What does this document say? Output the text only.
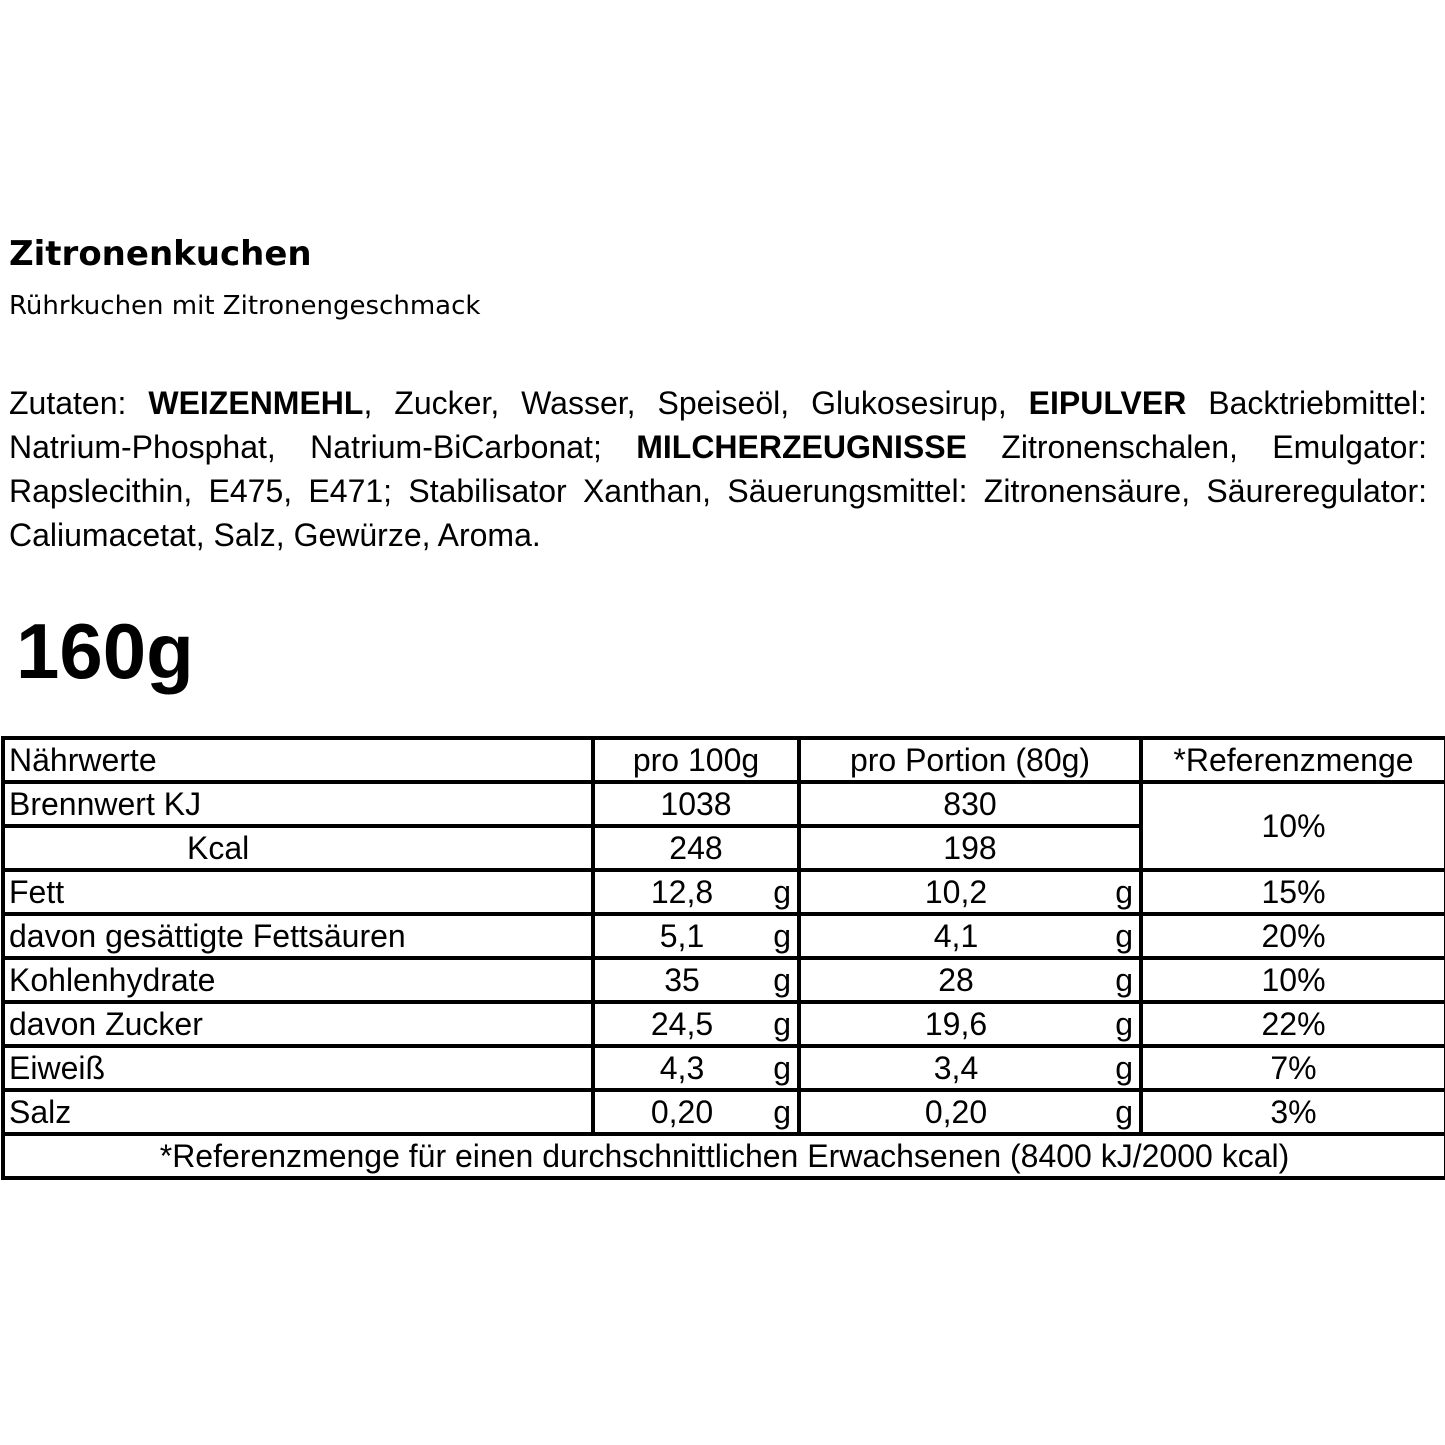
Zitronenkuchen
Rührkuchen mit Zitronengeschmack
Zutaten: WEIZENMEHL, Zucker, Wasser, Speiseöl, Glukosesirup, EIPULVER Backtriebmittel: Natrium-Phosphat, Natrium-BiCarbonat; MILCHERZEUGNISSE Zitronenschalen, Emulgator: Rapslecithin, E475, E471; Stabilisator Xanthan, Säuerungsmittel: Zitronensäure, Säureregulator: Caliumacetat, Salz, Gewürze, Aroma.
160g
Nährwerte	pro 100g	pro Portion (80g)	*Referenzmenge
Brennwert KJ	1038	830	10%
Kcal	248	198	
Fett	12,8 g	10,2 g	15%
davon gesättigte Fettsäuren	5,1 g	4,1 g	20%
Kohlenhydrate	35 g	28 g	10%
davon Zucker	24,5 g	19,6 g	22%
Eiweiß	4,3 g	3,4 g	7%
Salz	0,20 g	0,20 g	3%
*Referenzmenge für einen durchschnittlichen Erwachsenen (8400 kJ/2000 kcal)			
